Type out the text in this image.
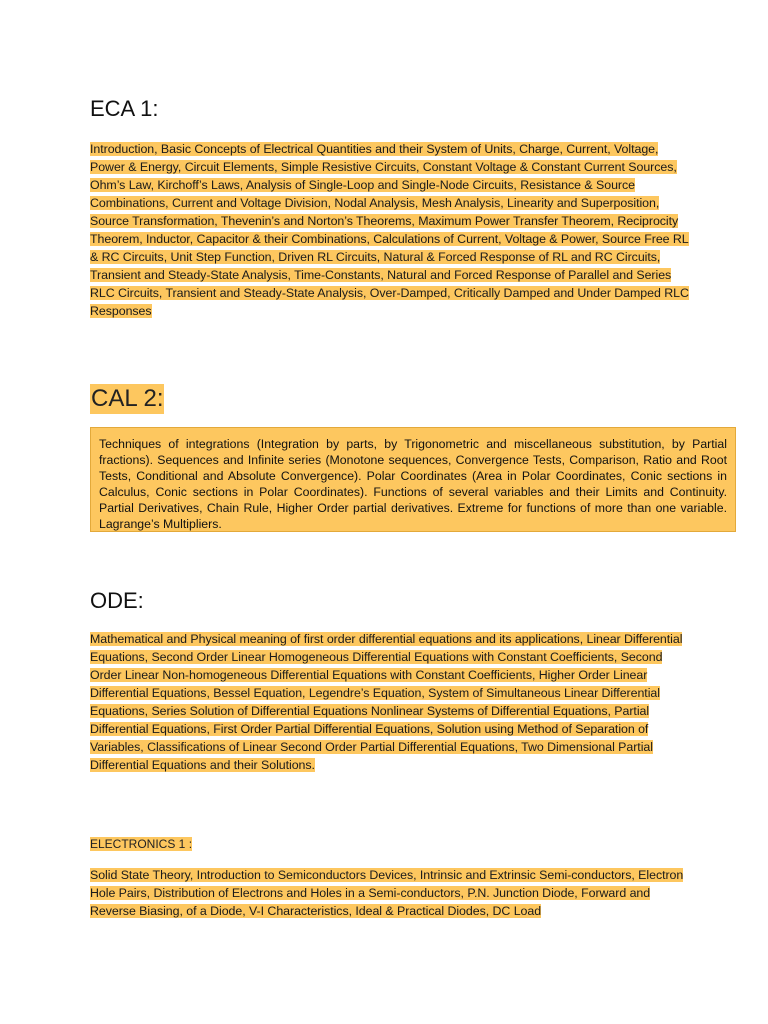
ECA 1:

Introduction, Basic Concepts of Electrical Quantities and their System of Units, Charge, Current, Voltage, Power & Energy, Circuit Elements, Simple Resistive Circuits, Constant Voltage & Constant Current Sources, Ohm’s Law, Kirchoff’s Laws, Analysis of Single-Loop and Single-Node Circuits, Resistance & Source Combinations, Current and Voltage Division, Nodal Analysis, Mesh Analysis, Linearity and Superposition, Source Transformation, Thevenin’s and Norton’s Theorems, Maximum Power Transfer Theorem, Reciprocity Theorem, Inductor, Capacitor & their Combinations, Calculations of Current, Voltage & Power, Source Free RL & RC Circuits, Unit Step Function, Driven RL Circuits, Natural & Forced Response of RL and RC Circuits, Transient and Steady-State Analysis, Time-Constants, Natural and Forced Response of Parallel and Series RLC Circuits, Transient and Steady-State Analysis, Over-Damped, Critically Damped and Under Damped RLC Responses

CAL 2:
Techniques of integrations (Integration by parts, by Trigonometric and miscellaneous substitution, by Partial fractions). Sequences and Infinite series (Monotone sequences, Convergence Tests, Comparison, Ratio and Root Tests, Conditional and Absolute Convergence). Polar Coordinates (Area in Polar Coordinates, Conic sections in Calculus, Conic sections in Polar Coordinates). Functions of several variables and their Limits and Continuity. Partial Derivatives, Chain Rule, Higher Order partial derivatives. Extreme for functions of more than one variable. Lagrange’s Multipliers.
ODE:

Mathematical and Physical meaning of first order differential equations and its applications, Linear Differential Equations, Second Order Linear Homogeneous Differential Equations with Constant Coefficients, Second Order Linear Non-homogeneous Differential Equations with Constant Coefficients, Higher Order Linear Differential Equations, Bessel Equation, Legendre’s Equation, System of Simultaneous Linear Differential Equations, Series Solution of Differential Equations Nonlinear Systems of Differential Equations, Partial Differential Equations, First Order Partial Differential Equations, Solution using Method of Separation of Variables, Classifications of Linear Second Order Partial Differential Equations, Two Dimensional Partial Differential Equations and their Solutions.

ELECTRONICS 1 :

Solid State Theory, Introduction to Semiconductors Devices, Intrinsic and Extrinsic Semi-conductors, Electron Hole Pairs, Distribution of Electrons and Holes in a Semi-conductors, P.N. Junction Diode, Forward and Reverse Biasing, of a Diode, V-I Characteristics, Ideal & Practical Diodes, DC Load
